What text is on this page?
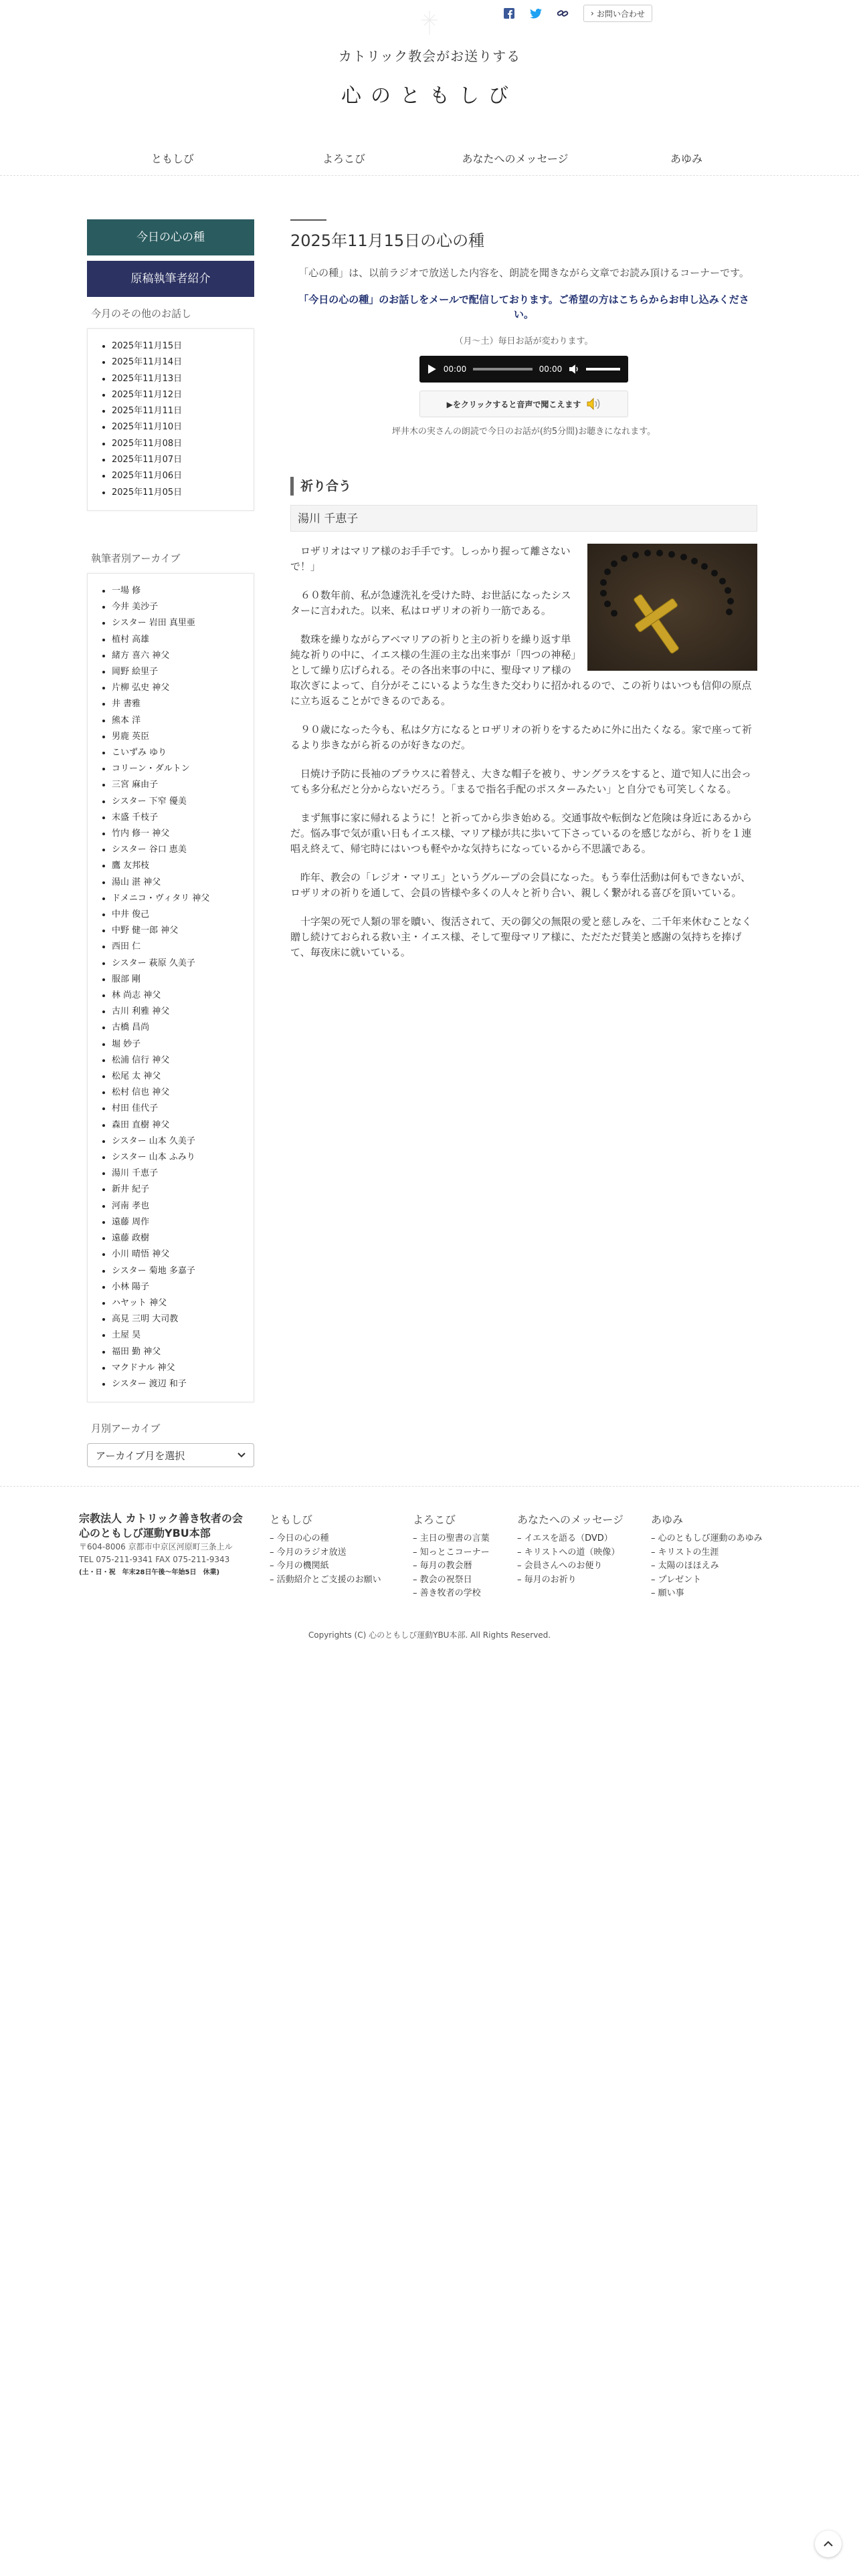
› お問い合わせ
カトリック教会がお送りする
心のともしび
ともしび	よろこび	あなたへのメッセージ	あゆみ
今日の心の種
原稿執筆者紹介
今月のその他のお話し
• 2025年11月15日
• 2025年11月14日
• 2025年11月13日
• 2025年11月12日
• 2025年11月11日
• 2025年11月10日
• 2025年11月08日
• 2025年11月07日
• 2025年11月06日
• 2025年11月05日
執筆者別アーカイブ
• 一場 修
• 今井 美沙子
• シスター 岩田 真里亜
• 植村 高雄
• 緒方 喜六 神父
• 岡野 絵里子
• 片柳 弘史 神父
• 井 書雅
• 熊本 洋
• 男鹿 英臣
• こいずみ ゆり
• コリーン・ダルトン
• 三宮 麻由子
• シスター 下窄 優美
• 末盛 千枝子
• 竹内 修一 神父
• シスター 谷口 恵美
• 鷹 友邦枝
• 湯山 湛 神父
• ドメニコ・ヴィタリ 神父
• 中井 俊己
• 中野 健一郎 神父
• 西田 仁
• シスター 萩原 久美子
• 服部 剛
• 林 尚志 神父
• 古川 利雅 神父
• 古橋 昌尚
• 堀 妙子
• 松浦 信行 神父
• 松尾 太 神父
• 松村 信也 神父
• 村田 佳代子
• 森田 直樹 神父
• シスター 山本 久美子
• シスター 山本 ふみり
• 湯川 千恵子
• 新井 紀子
• 河南 孝也
• 遠藤 周作
• 遠藤 政樹
• 小川 晴悟 神父
• シスター 菊地 多嘉子
• 小林 陽子
• ハヤット 神父
• 高見 三明 大司教
• 土屋 昊
• 福田 勤 神父
• マクドナル 神父
• シスター 渡辺 和子
月別アーカイブ
アーカイブ月を選択
2025年11月15日の心の種

「心の種」は、以前ラジオで放送した内容を、朗読を聞きながら文章でお読み頂けるコーナーです。

「今日の心の種」のお話しをメールで配信しております。ご希望の方はこちらからお申し込みください。

（月〜土）毎日お話が変わります。

00:00	00:00
▶をクリックすると音声で聞こえます

坪井木の実さんの朗読で今日のお話が(約5分間)お聴きになれます。

祈り合う
湯川 千恵子

ロザリオはマリア様のお手手です。しっかり握って離さないで！」

６０数年前、私が急遽洗礼を受けた時、お世話になったシスターに言われた。以来、私はロザリオの祈り一筋である。

数珠を繰りながらアベマリアの祈りと主の祈りを繰り返す単純な祈りの中に、イエス様の生涯の主な出来事が「四つの神秘」として繰り広げられる。その各出来事の中に、聖母マリア様の取次ぎによって、自分がそこにいるような生きた交わりに招かれるので、この祈りはいつも信仰の原点に立ち返ることができるのである。

９０歳になった今も、私は夕方になるとロザリオの祈りをするために外に出たくなる。家で座って祈るより歩きながら祈るのが好きなのだ。

日焼け予防に長袖のブラウスに着替え、大きな帽子を被り、サングラスをすると、道で知人に出会っても多分私だと分からないだろう。「まるで指名手配のポスターみたい」と自分でも可笑しくなる。

まず無事に家に帰れるように！と祈ってから歩き始める。交通事故や転倒など危険は身近にあるからだ。悩み事で気が重い日もイエス様、マリア様が共に歩いて下さっているのを感じながら、祈りを１連唱え終えて、帰宅時にはいつも軽やかな気持ちになっているから不思議である。

昨年、教会の「レジオ・マリエ」というグループの会員になった。もう奉仕活動は何もできないが、ロザリオの祈りを通して、会員の皆様や多くの人々と祈り合い、親しく繋がれる喜びを頂いている。

十字架の死で人類の罪を贖い、復活されて、天の御父の無限の愛と慈しみを、二千年来休むことなく贈し続けておられる救い主・イエス様、そして聖母マリア様に、ただただ賛美と感謝の気持ちを捧げて、毎夜床に就いている。

宗教法人 カトリック善き牧者の会
心のともしび運動YBU本部
〒604-8006 京都市中京区河原町三条上ル
TEL 075-211-9341 FAX 075-211-9343
(土・日・祝　年末28日午後〜年始5日　休業)
ともしび
– 今日の心の種
– 今月のラジオ放送
– 今月の機関紙
– 活動紹介とご支援のお願い
よろこび
– 主日の聖書の言葉
– 知っとこコーナー
– 毎月の教会暦
– 教会の祝祭日
– 善き牧者の学校
あなたへのメッセージ
– イエスを語る（DVD）
– キリストへの道（映像）
– 会員さんへのお便り
– 毎月のお祈り
あゆみ
– 心のともしび運動のあゆみ
– キリストの生涯
– 太陽のほほえみ
– プレゼント
– 願い事
Copyrights (C) 心のともしび運動YBU本部. All Rights Reserved.
